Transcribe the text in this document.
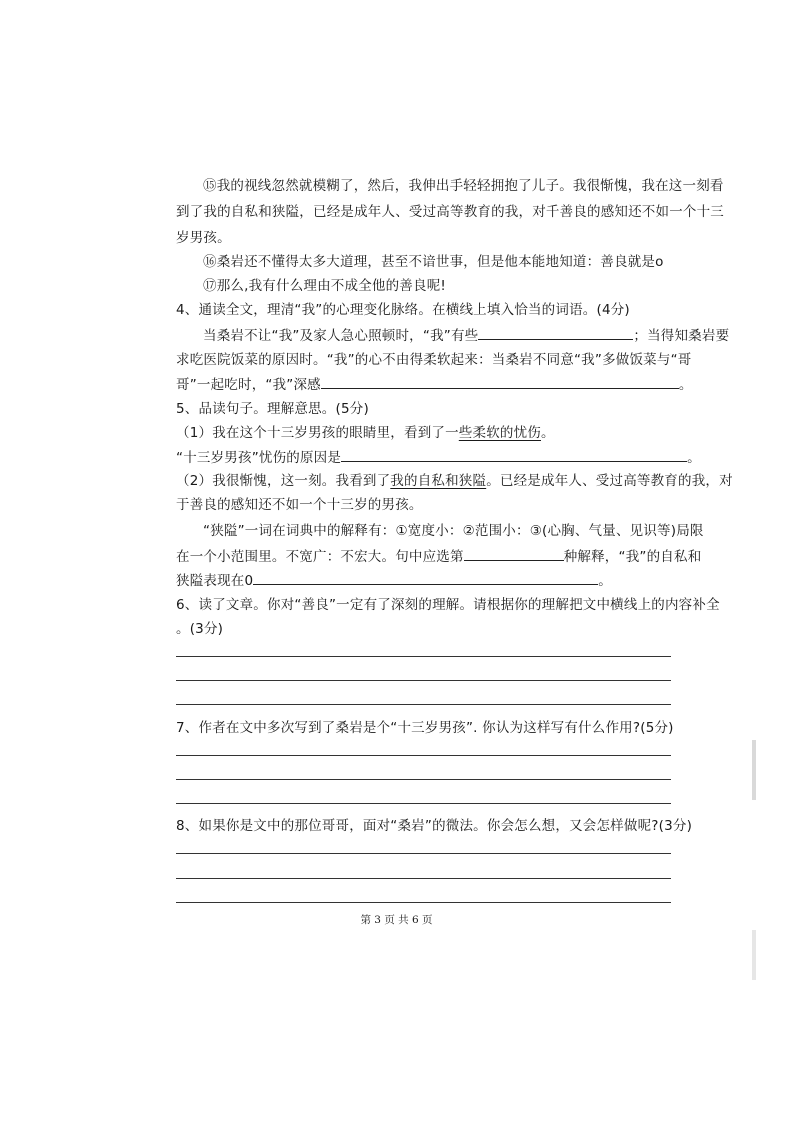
⑮我的视线忽然就模糊了，然后，我伸出手轻轻拥抱了儿子。我很惭愧，我在这一刻看
到了我的自私和狭隘，已经是成年人、受过高等教育的我，对千善良的感知还不如一个十三
岁男孩。
⑯桑岩还不懂得太多大道理，甚至不谙世事，但是他本能地知道：善良就是o
⑰那么,我有什么理由不成全他的善良呢!
4、通读全文，理清“我”的心理变化脉络。在横线上填入恰当的词语。(4分)
当桑岩不让“我”及家人急心照顿时，“我”有些	；当得知桑岩要
求吃医院饭菜的原因时。“我”的心不由得柔软起来：当桑岩不同意“我”多做饭菜与“哥
哥”一起吃时，“我”深感	。
5、品读句子。理解意思。(5分)
（1）我在这个十三岁男孩的眼睛里，看到了一些柔软的忧伤。
“十三岁男孩”忧伤的原因是	。
（2）我很惭愧，这一刻。我看到了我的自私和狭隘。已经是成年人、受过高等教育的我，对
于善良的感知还不如一个十三岁的男孩。
“狭隘”一词在词典中的解释有：①宽度小：②范围小：③(心胸、气量、见识等)局限
在一个小范围里。不宽广：不宏大。句中应选第	种解释，“我”的自私和
狭隘表现在0	。
6、读了文章。你对“善良”一定有了深刻的理解。请根据你的理解把文中横线上的内容补全
。(3分)
7、作者在文中多次写到了桑岩是个“十三岁男孩”. 你认为这样写有什么作用?(5分)
8、如果你是文中的那位哥哥，面对“桑岩”的微法。你会怎么想，又会怎样做呢?(3分)
第 3 页 共 6 页
